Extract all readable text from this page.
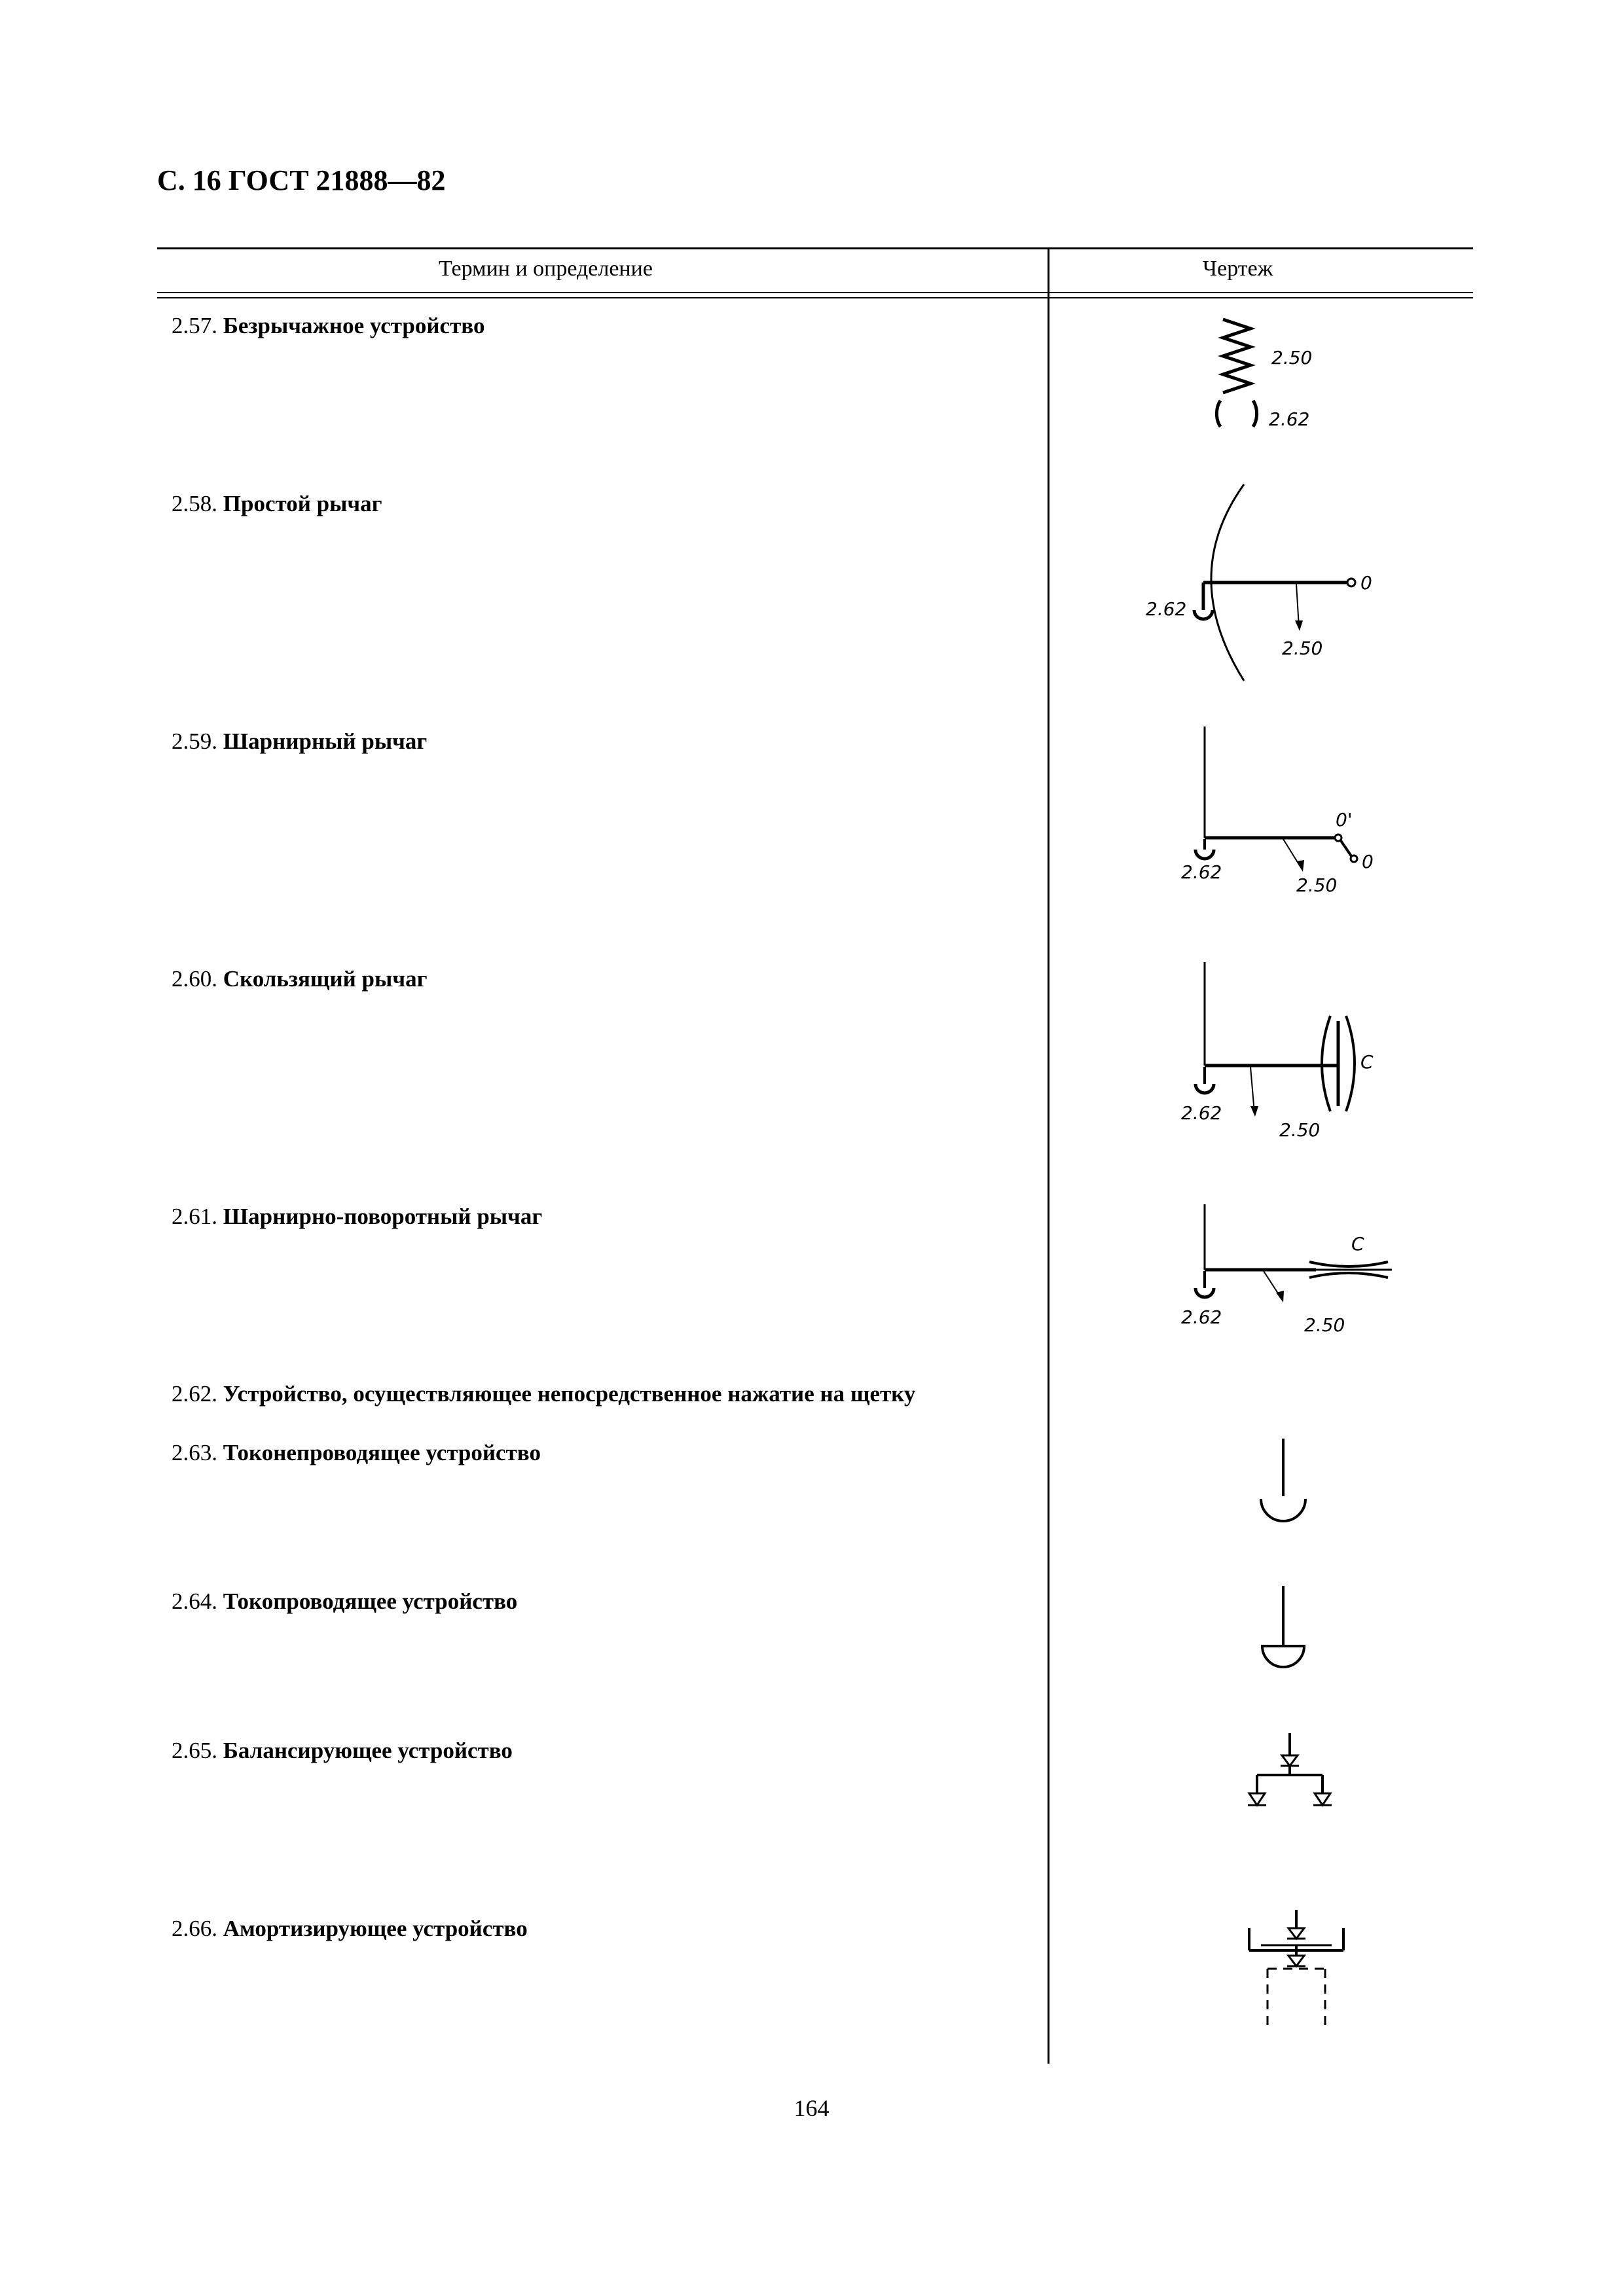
С. 16 ГОСТ 21888—82
Термин и определение	Чертеж
2.57. Безрычажное устройство
2.58. Простой рычаг
2.59. Шарнирный рычаг
2.60. Скользящий рычаг
2.61. Шарнирно-поворотный рычаг
2.62. Устройство, осуществляющее непосредственное нажатие на щетку
2.63. Токонепроводящее устройство
2.64. Токопроводящее устройство
2.65. Балансирующее устройство
2.66. Амортизирующее устройство
2.50
2.62
0
2.62
2.50
0'
0
2.62
2.50
С
2.62
2.50
С
2.62	2.50
164
